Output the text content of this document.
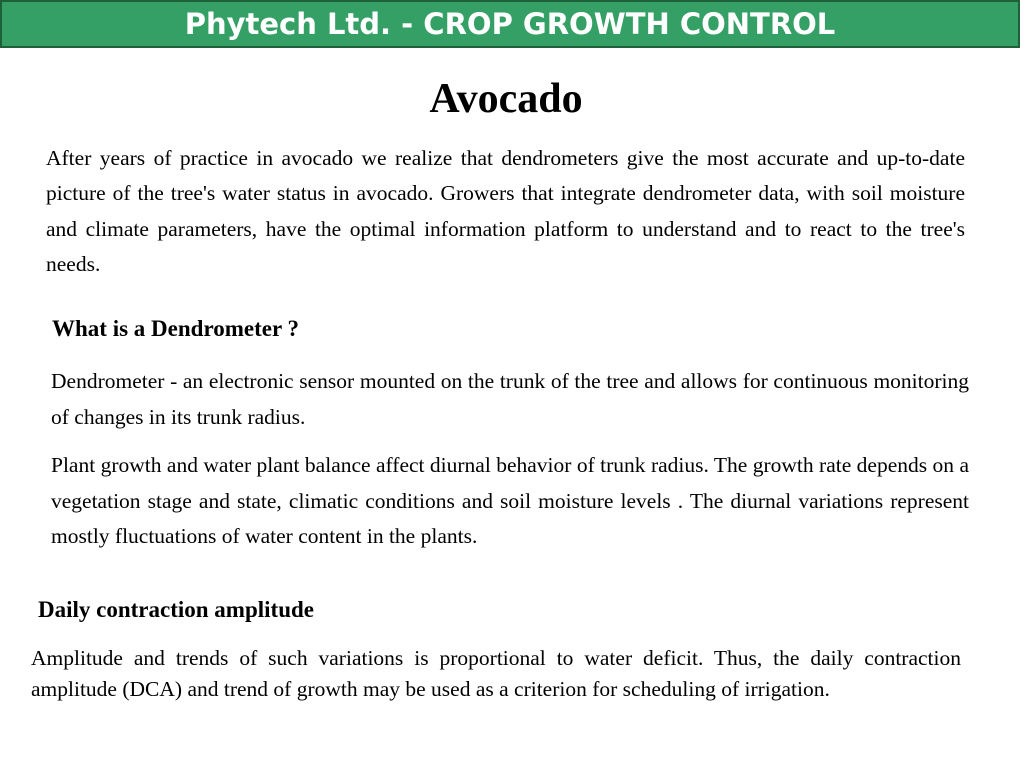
Phytech Ltd. - CROP GROWTH CONTROL
Avocado

After years of practice in avocado we realize that dendrometers give the most accurate and up-to-date picture of the tree's water status in avocado. Growers that integrate dendrometer data, with soil moisture and climate parameters, have the optimal information platform to understand and to react to the tree's needs.

What is a Dendrometer ?

Dendrometer - an electronic sensor mounted on the trunk of the tree and allows for continuous monitoring of changes in its trunk radius.

Plant growth and water plant balance affect diurnal behavior of trunk radius. The growth rate depends on a vegetation stage and state, climatic conditions and soil moisture levels . The diurnal variations represent mostly fluctuations of water content in the plants.

Daily contraction amplitude

Amplitude and trends of such variations is proportional to water deficit. Thus, the daily contraction amplitude (DCA) and trend of growth may be used as a criterion for scheduling of irrigation.
